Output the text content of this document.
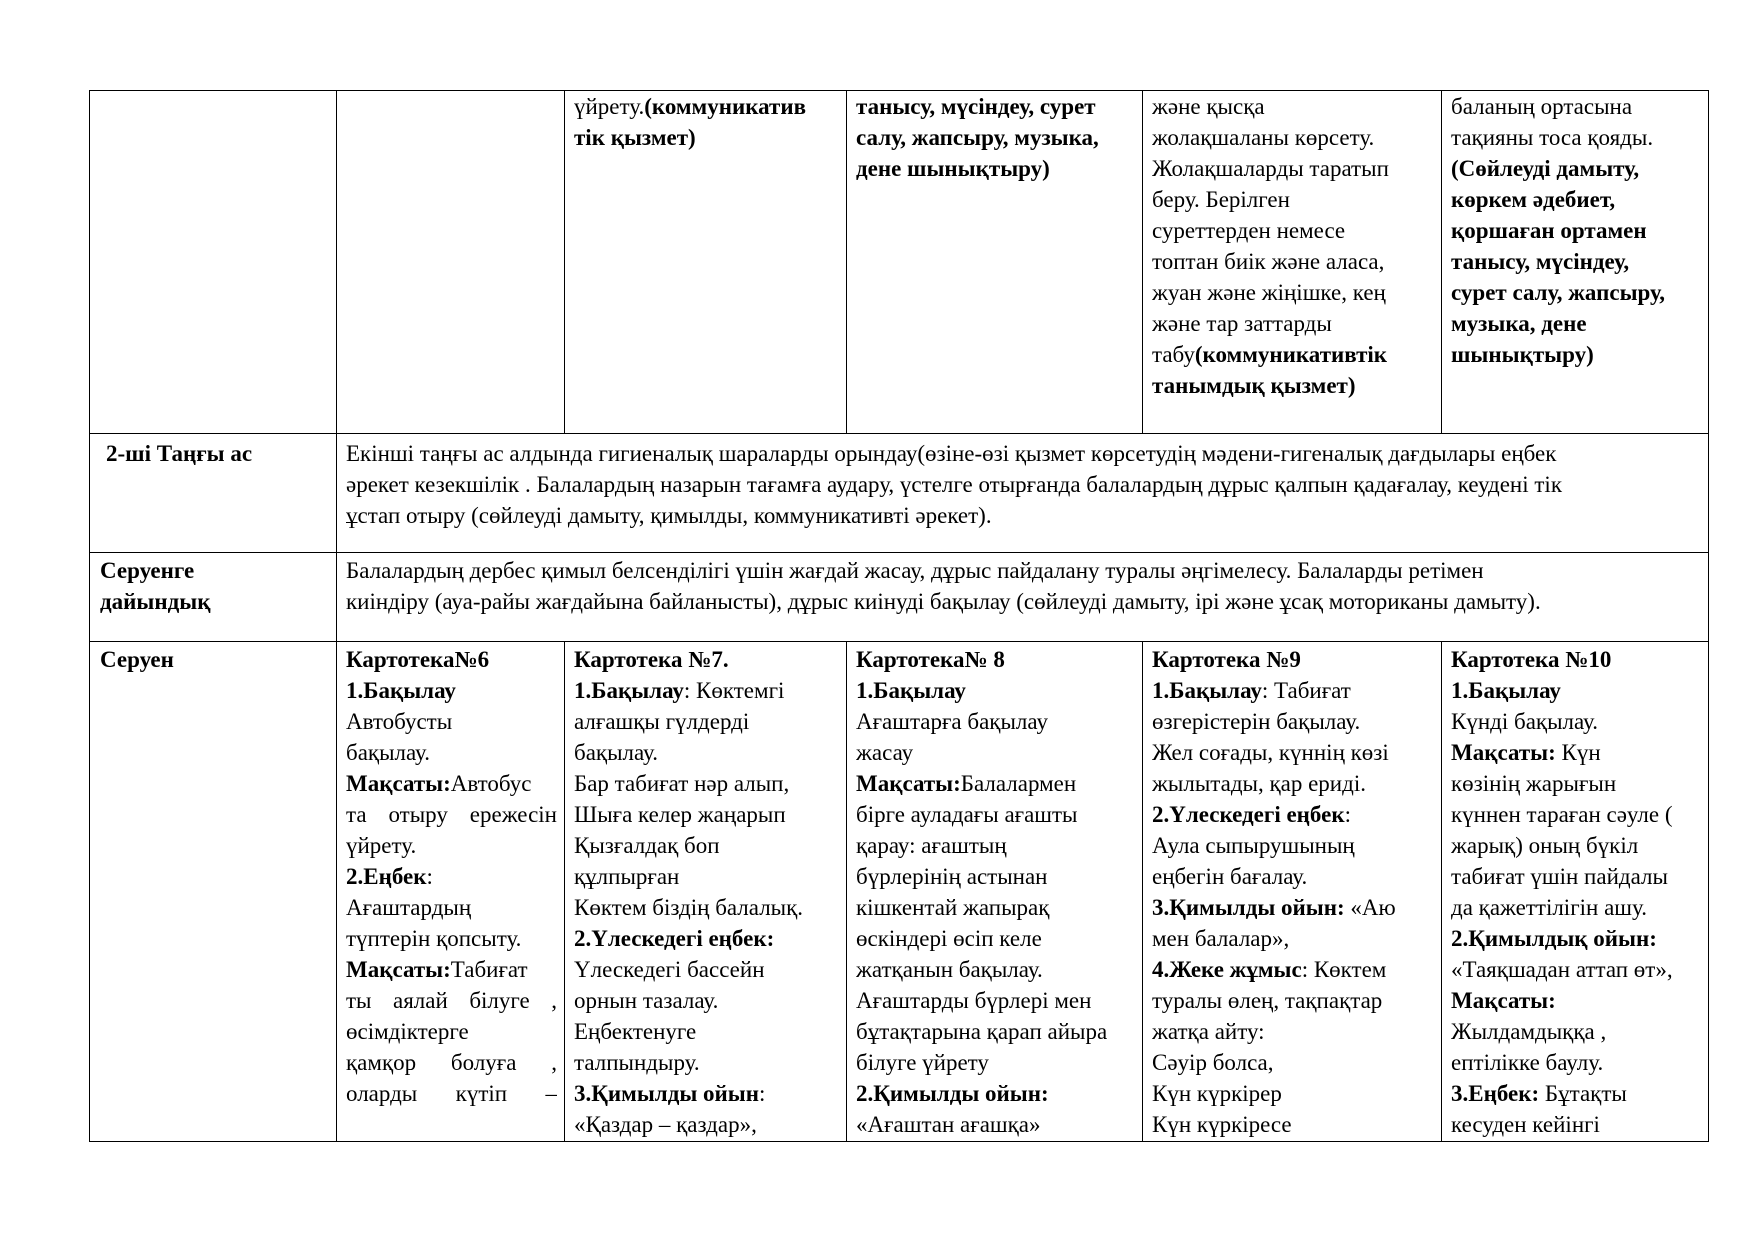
үйрету.(коммуникатив
тік қызмет)
танысу, мүсіндеу, сурет
салу, жапсыру, музыка,
дене шынықтыру)
және қысқа
жолақшаланы көрсету.
Жолақшаларды таратып
беру. Берілген
суреттерден немесе
топтан биік және аласа,
жуан және жіңішке, кең
және тар заттарды
табу(коммуникативтік
танымдық қызмет)
баланың ортасына
тақияны тоса қояды.
(Сөйлеуді дамыту,
көркем әдебиет,
қоршаған ортамен
танысу, мүсіндеу,
сурет салу, жапсыру,
музыка, дене
шынықтыру)
2-ші Таңғы ас	Екінші таңғы ас алдында гигиеналық шараларды орындау(өзіне-өзі қызмет көрсетудің мәдени-гигеналық дағдылары еңбек
әрекет кезекшілік . Балалардың назарын тағамға аудару, үстелге отырғанда балалардың дұрыс қалпын қадағалау, кеудені тік
ұстап отыру (сөйлеуді дамыту, қимылды, коммуникативті әрекет).
Серуенге
дайындық
Балалардың дербес қимыл белсенділігі үшін жағдай жасау, дұрыс пайдалану туралы әңгімелесу. Балаларды ретімен
киіндіру (ауа-райы жағдайына байланысты), дұрыс киінуді бақылау (сөйлеуді дамыту, ірі және ұсақ моториканы дамыту).
Серуен	Картотека№6
1.Бақылау
Автобусты
бақылау.
Мақсаты:Автобус
та отыру ережесін
үйрету.
2.Еңбек:
Ағаштардың
түптерін қопсыту.
Мақсаты:Табиғат
ты аялай білуге ,
өсімдіктерге
қамқор болуға ,
оларды күтіп –
Картотека №7.
1.Бақылау: Көктемгі
алғашқы гүлдерді
бақылау.
Бар табиғат нәр алып,
Шыға келер жаңарып
Қызғалдақ боп
құлпырған
Көктем біздің балалық.
2.Үлескедегі еңбек:
Үлескедегі бассейн
орнын тазалау.
Еңбектенуге
талпындыру.
3.Қимылды ойын:
«Қаздар – қаздар»,
Картотека№ 8
1.Бақылау
Ағаштарға бақылау
жасау
Мақсаты:Балалармен
бірге ауладағы ағашты
қарау: ағаштың
бүрлерінің астынан
кішкентай жапырақ
өскіндері өсіп келе
жатқанын бақылау.
Ағаштарды бүрлері мен
бұтақтарына қарап айыра
білуге үйрету
2.Қимылды ойын:
«Ағаштан ағашқа»
Картотека №9
1.Бақылау: Табиғат
өзгерістерін бақылау.
Жел соғады, күннің көзі
жылытады, қар ериді.
2.Үлескедегі еңбек:
Аула сыпырушының
еңбегін бағалау.
3.Қимылды ойын: «Аю
мен балалар»,
4.Жеке жұмыс: Көктем
туралы өлең, тақпақтар
жатқа айту:
Сәуір болса,
Күн күркірер
Күн күркіресе
Картотека №10
1.Бақылау
Күнді бақылау.
Мақсаты: Күн
көзінің жарығын
күннен тараған сәуле (
жарық) оның бүкіл
табиғат үшін пайдалы
да қажеттілігін ашу.
2.Қимылдық ойын:
«Таяқшадан аттап өт»,
Мақсаты:
Жылдамдыққа ,
ептілікке баулу.
3.Еңбек: Бұтақты
кесуден кейінгі
